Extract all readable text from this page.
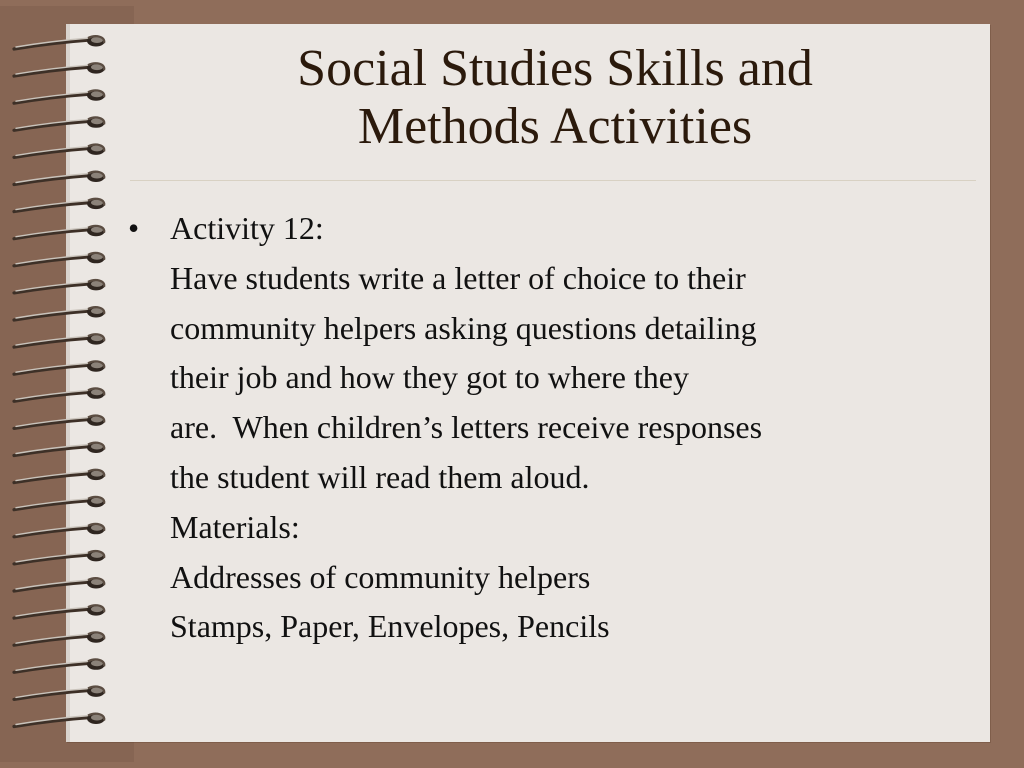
Social Studies Skills and
Methods Activities
• Activity 12:
Have students write a letter of choice to their
community helpers asking questions detailing
their job and how they got to where they
are.  When children’s letters receive responses
the student will read them aloud.
Materials:
Addresses of community helpers
Stamps, Paper, Envelopes, Pencils
